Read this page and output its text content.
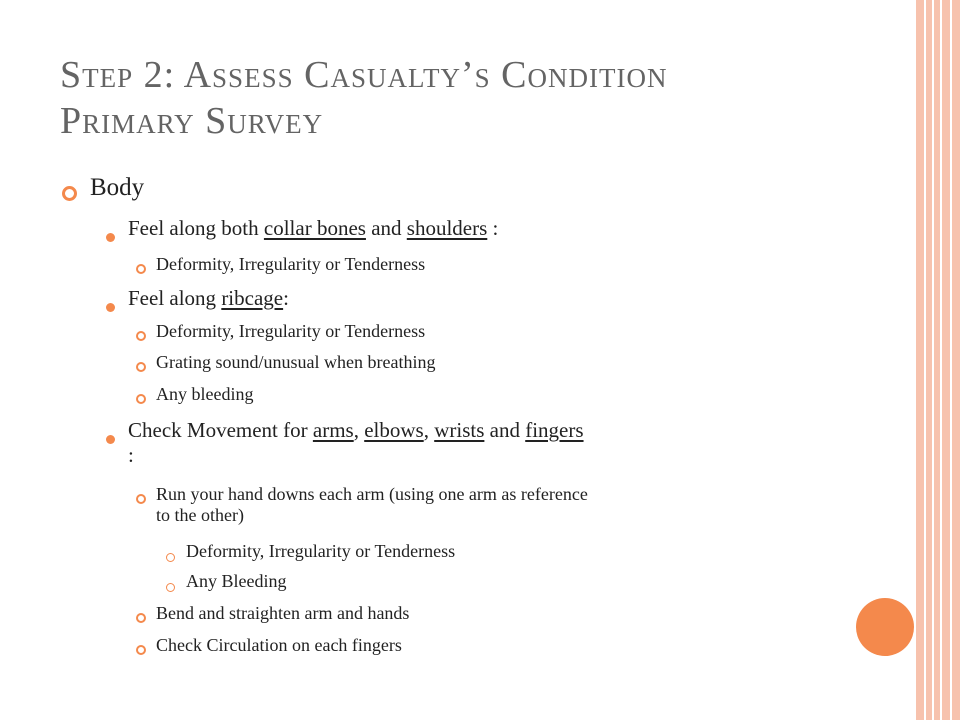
Step 2: Assess Casualty’s Condition
Primary Survey
Body
Feel along both collar bones and shoulders :
Deformity, Irregularity or Tenderness
Feel along ribcage:
Deformity, Irregularity or Tenderness
Grating sound/unusual when breathing
Any bleeding
Check Movement for arms, elbows, wrists and fingers
:
Run your hand downs each arm (using one arm as reference
to the other)
Deformity, Irregularity or Tenderness
Any Bleeding
Bend and straighten arm and hands
Check Circulation on each fingers
